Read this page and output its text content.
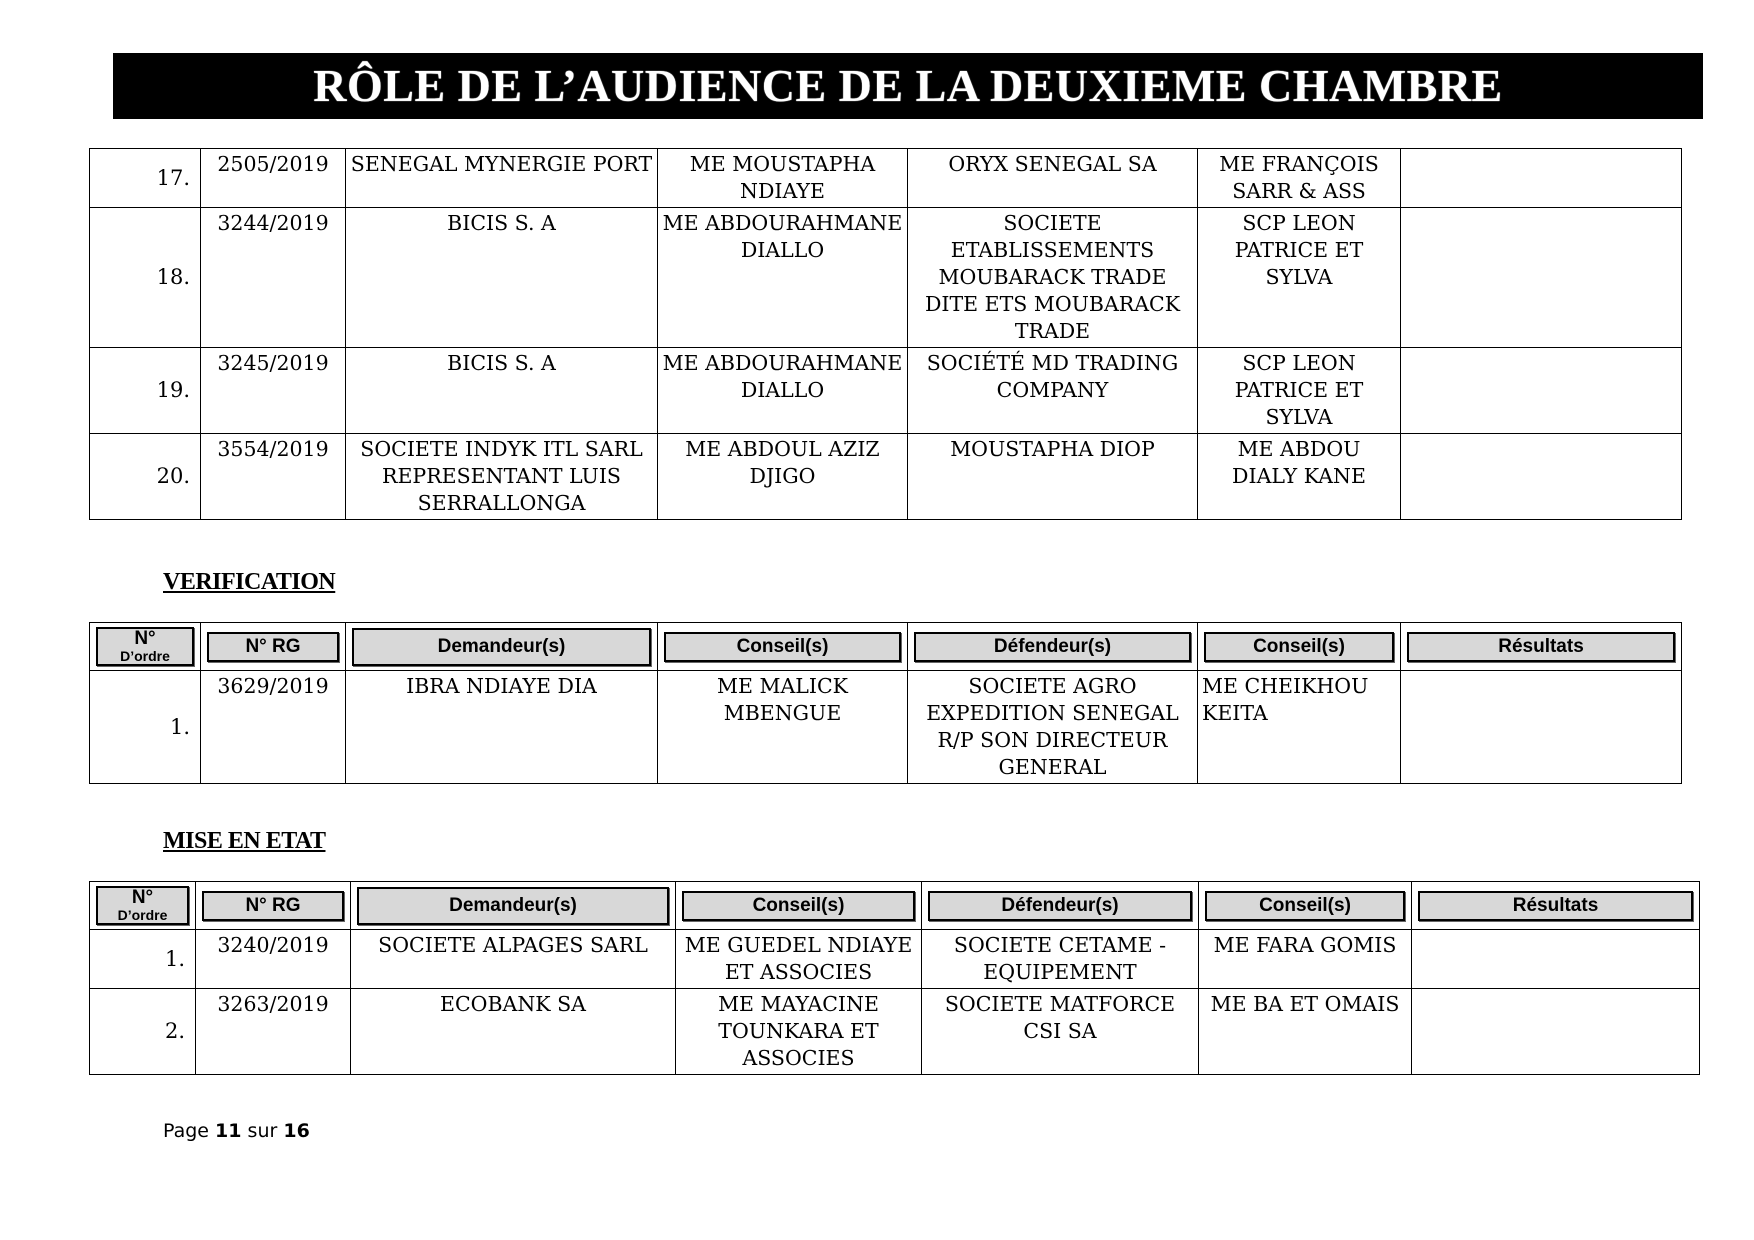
RÔLE DE L’AUDIENCE DE LA DEUXIEME CHAMBRE
17.	2505/2019	SENEGAL MYNERGIE PORT	ME MOUSTAPHA NDIAYE	ORYX SENEGAL SA	ME FRANÇOIS SARR & ASS	
18.	3244/2019	BICIS S. A	ME ABDOURAHMANE DIALLO	SOCIETE ETABLISSEMENTS MOUBARACK TRADE DITE ETS MOUBARACK TRADE	SCP LEON PATRICE ET SYLVA	
19.	3245/2019	BICIS S. A	ME ABDOURAHMANE DIALLO	SOCIÉTÉ MD TRADING COMPANY	SCP LEON PATRICE ET SYLVA	
20.	3554/2019	SOCIETE INDYK ITL SARL REPRESENTANT LUIS SERRALLONGA	ME ABDOUL AZIZ DJIGO	MOUSTAPHA DIOP	ME ABDOU DIALY KANE	
VERIFICATION
N°
D’ordre	N° RG	Demandeur(s)	Conseil(s)	Défendeur(s)	Conseil(s)	Résultats

1.	3629/2019	IBRA NDIAYE DIA	ME MALICK MBENGUE	SOCIETE AGRO EXPEDITION SENEGAL R/P SON DIRECTEUR GENERAL	ME CHEIKHOU KEITA	
MISE EN ETAT
N°
D’ordre	N° RG	Demandeur(s)	Conseil(s)	Défendeur(s)	Conseil(s)	Résultats

1.	3240/2019	SOCIETE ALPAGES SARL	ME GUEDEL NDIAYE ET ASSOCIES	SOCIETE CETAME - EQUIPEMENT	ME FARA GOMIS	
2.	3263/2019	ECOBANK SA	ME MAYACINE TOUNKARA ET ASSOCIES	SOCIETE MATFORCE CSI SA	ME BA ET OMAIS	
Page 11 sur 16
